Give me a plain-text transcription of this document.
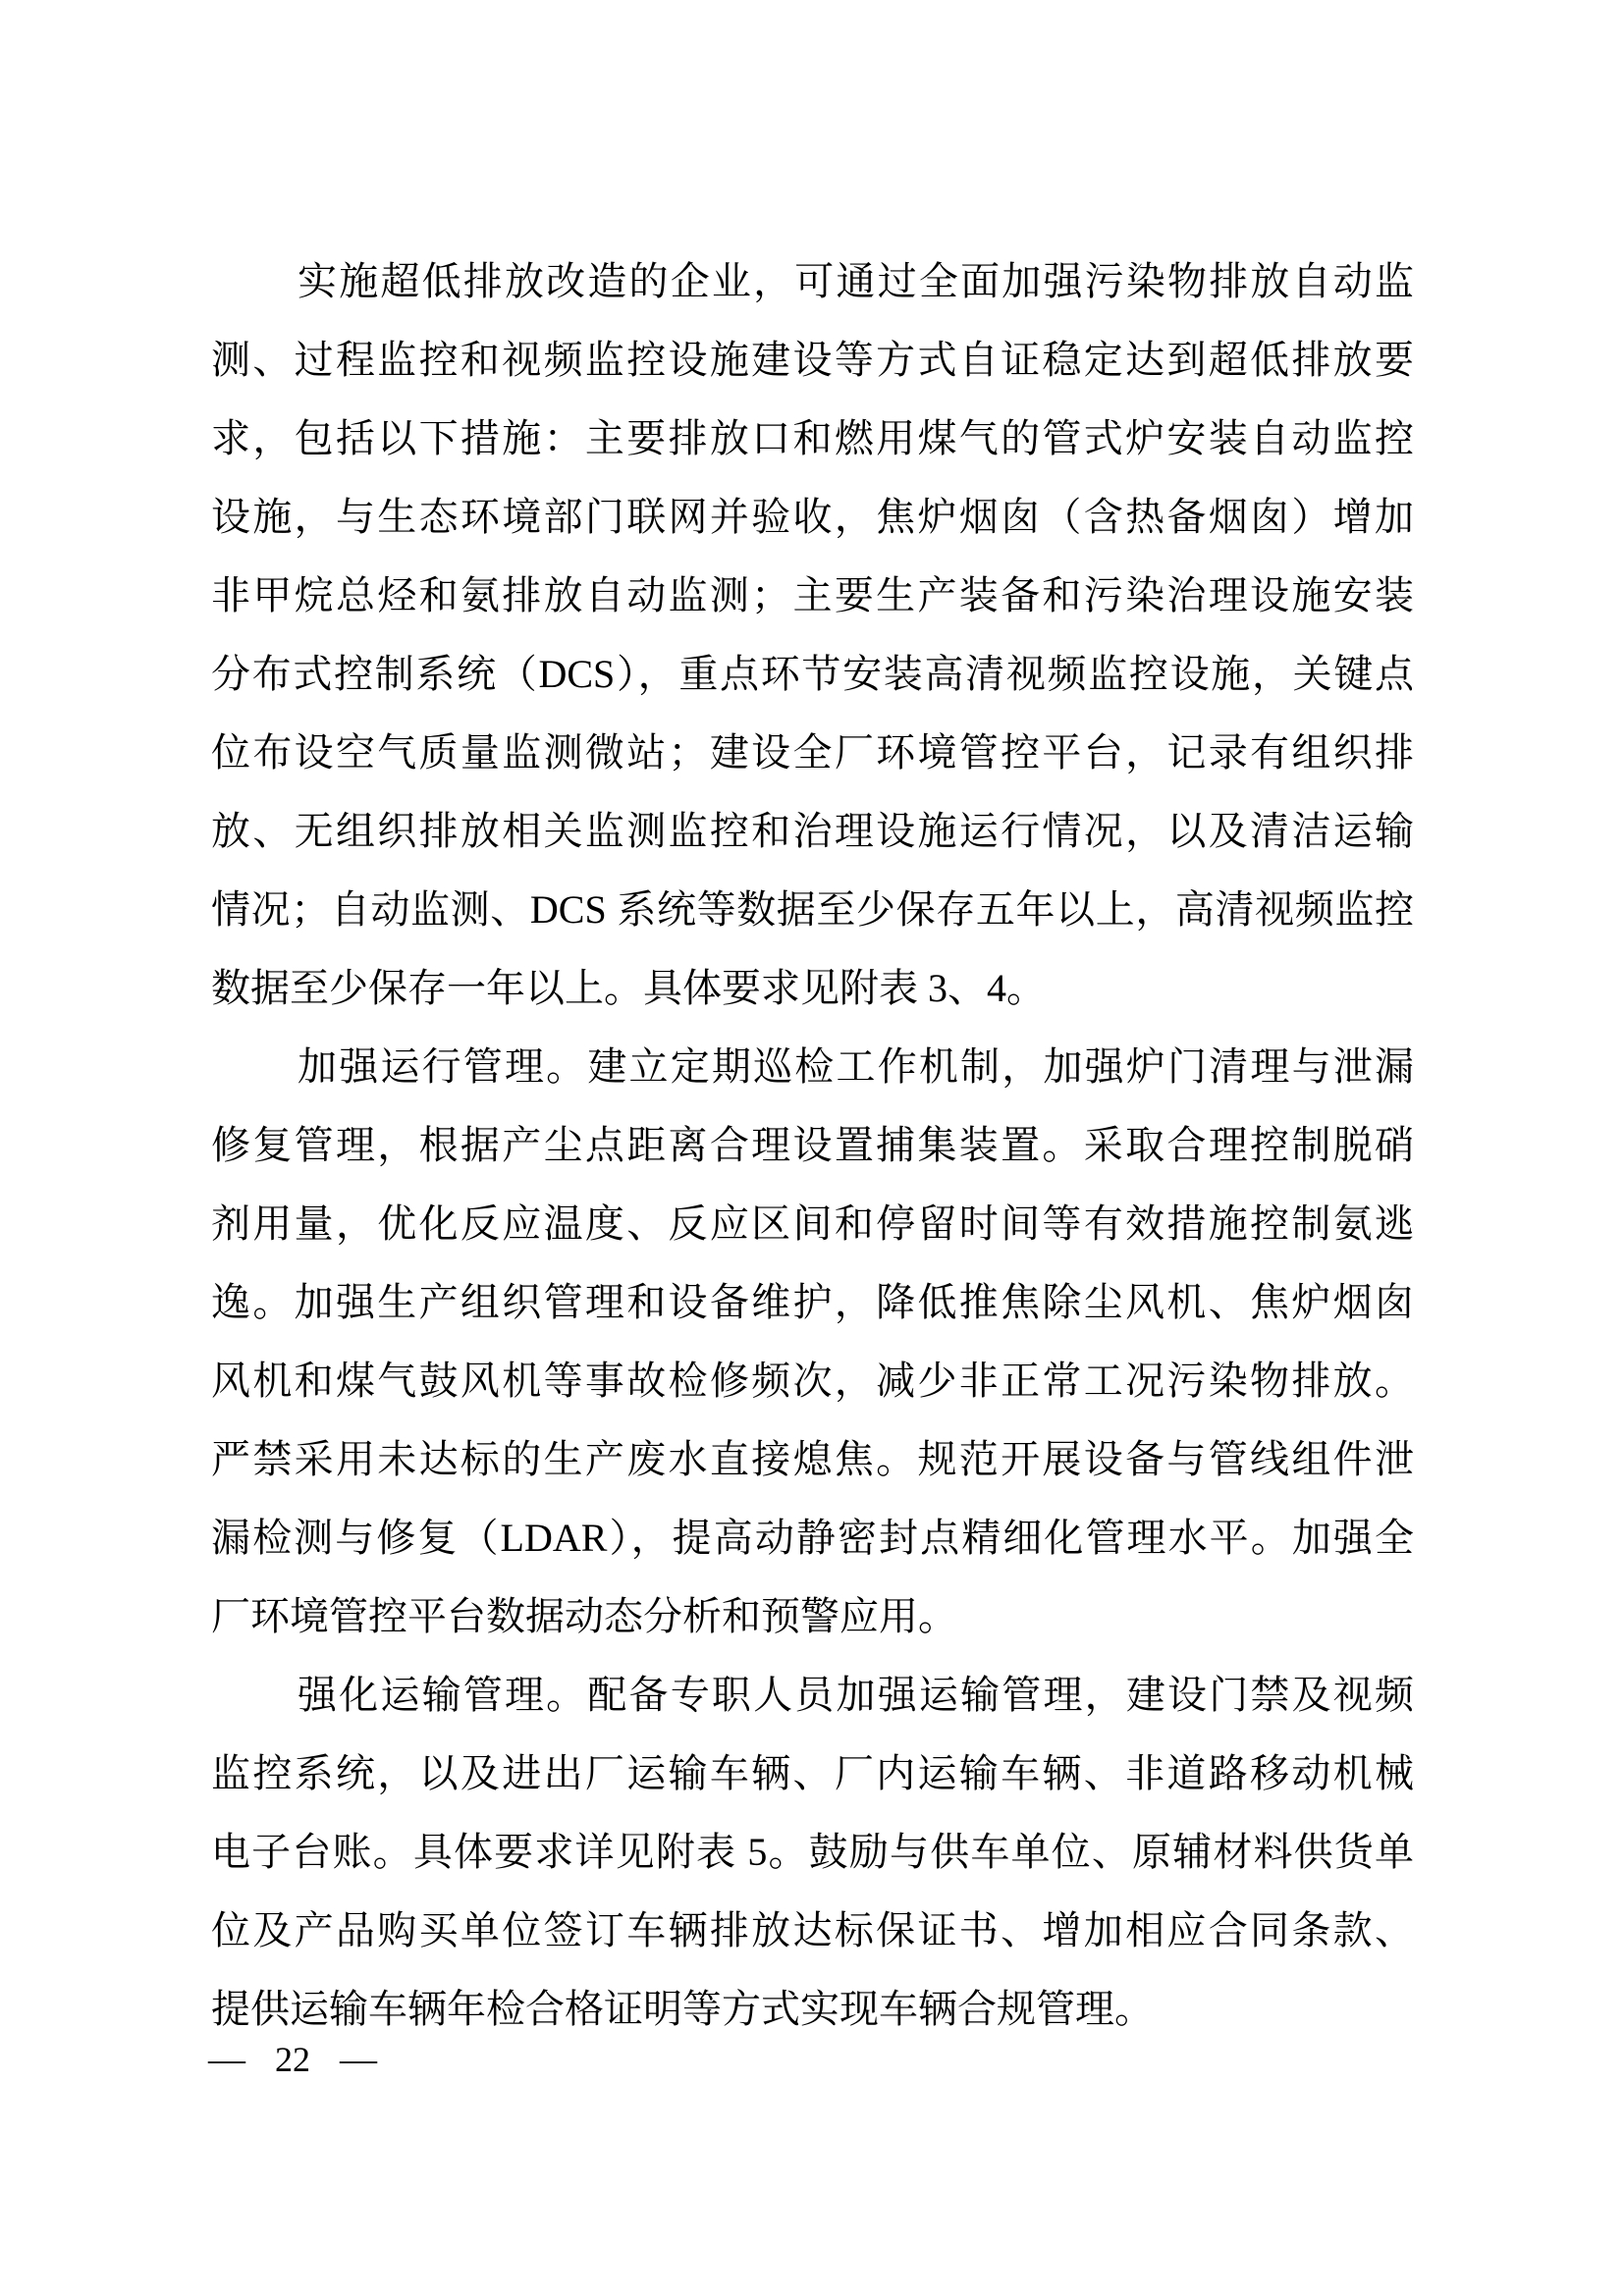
实施超低排放改造的企业，可通过全面加强污染物排放自动监
测、过程监控和视频监控设施建设等方式自证稳定达到超低排放要
求，包括以下措施：主要排放口和燃用煤气的管式炉安装自动监控
设施，与生态环境部门联网并验收，焦炉烟囱（含热备烟囱）增加
非甲烷总烃和氨排放自动监测；主要生产装备和污染治理设施安装
分布式控制系统（DCS），重点环节安装高清视频监控设施，关键点
位布设空气质量监测微站；建设全厂环境管控平台，记录有组织排
放、无组织排放相关监测监控和治理设施运行情况，以及清洁运输
情况；自动监测、DCS 系统等数据至少保存五年以上，高清视频监控
数据至少保存一年以上。具体要求见附表 3、4。
加强运行管理。建立定期巡检工作机制，加强炉门清理与泄漏
修复管理，根据产尘点距离合理设置捕集装置。采取合理控制脱硝
剂用量，优化反应温度、反应区间和停留时间等有效措施控制氨逃
逸。加强生产组织管理和设备维护，降低推焦除尘风机、焦炉烟囱
风机和煤气鼓风机等事故检修频次，减少非正常工况污染物排放。
严禁采用未达标的生产废水直接熄焦。规范开展设备与管线组件泄
漏检测与修复（LDAR），提高动静密封点精细化管理水平。加强全
厂环境管控平台数据动态分析和预警应用。
强化运输管理。配备专职人员加强运输管理，建设门禁及视频
监控系统，以及进出厂运输车辆、厂内运输车辆、非道路移动机械
电子台账。具体要求详见附表 5。鼓励与供车单位、原辅材料供货单
位及产品购买单位签订车辆排放达标保证书、增加相应合同条款、
提供运输车辆年检合格证明等方式实现车辆合规管理。
— 22 —
